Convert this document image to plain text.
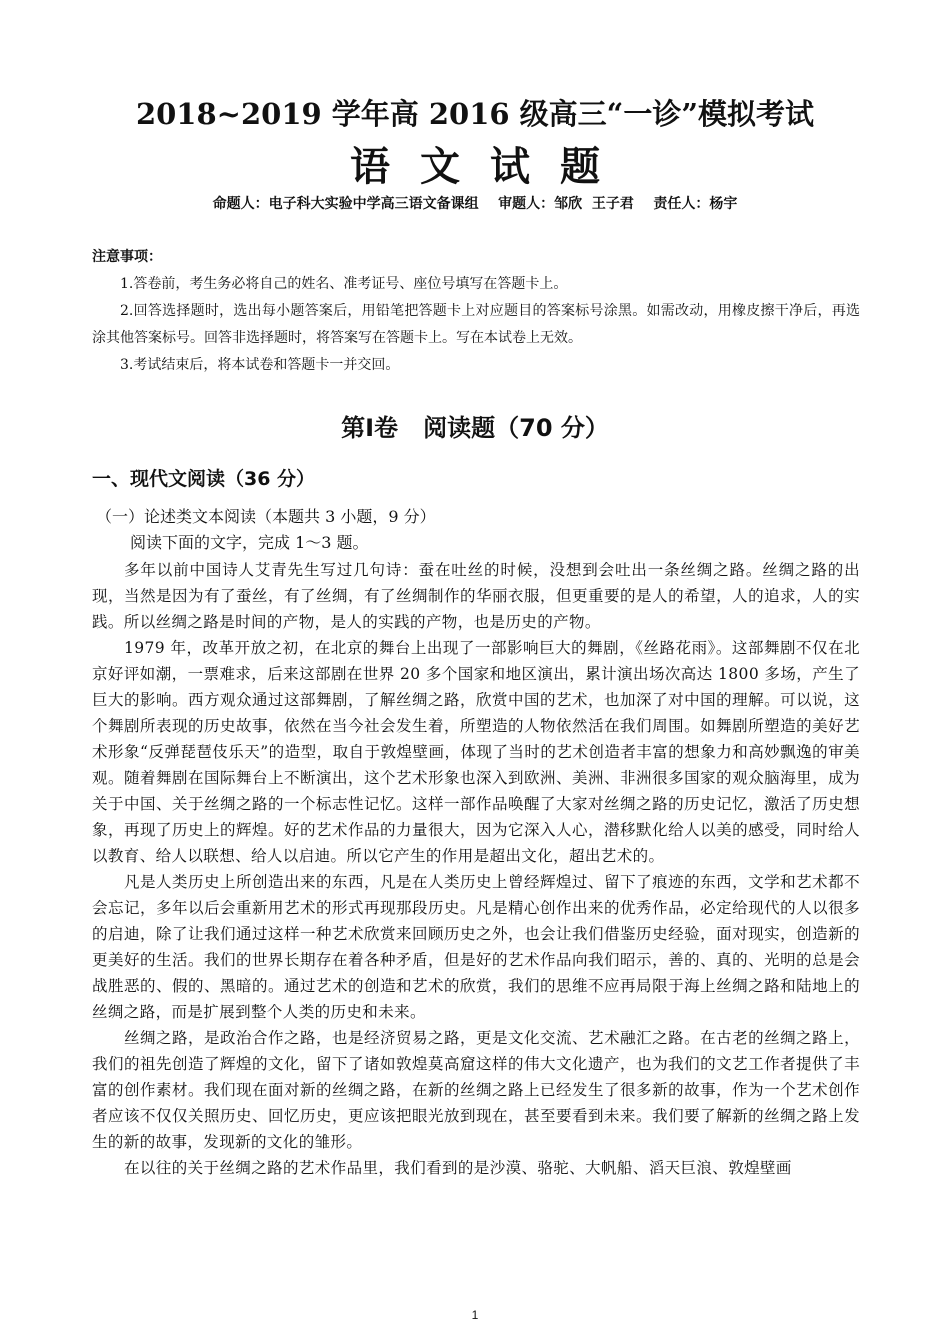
2018~2019 学年高 2016 级高三“一诊”模拟考试
语文试题
命题人：电子科大实验中学高三语文备课组    审题人：邹欣  王子君    责任人：杨宇

注意事项：

1.答卷前，考生务必将自己的姓名、准考证号、座位号填写在答题卡上。

2.回答选择题时，选出每小题答案后，用铅笔把答题卡上对应题目的答案标号涂黑。如需改动，用橡皮擦干净后，再选涂其他答案标号。回答非选择题时，将答案写在答题卡上。写在本试卷上无效。

3.考试结束后，将本试卷和答题卡一并交回。

第Ⅰ卷   阅读题（70 分）
一、现代文阅读（36 分）
（一）论述类文本阅读（本题共 3 小题，9 分）
阅读下面的文字，完成 1～3 题。

多年以前中国诗人艾青先生写过几句诗：蚕在吐丝的时候，没想到会吐出一条丝绸之路。丝绸之路的出现，当然是因为有了蚕丝，有了丝绸，有了丝绸制作的华丽衣服，但更重要的是人的希望，人的追求，人的实践。所以丝绸之路是时间的产物，是人的实践的产物，也是历史的产物。

1979 年，改革开放之初，在北京的舞台上出现了一部影响巨大的舞剧，《丝路花雨》。这部舞剧不仅在北京好评如潮，一票难求，后来这部剧在世界 20 多个国家和地区演出，累计演出场次高达 1800 多场，产生了巨大的影响。西方观众通过这部舞剧，了解丝绸之路，欣赏中国的艺术，也加深了对中国的理解。可以说，这个舞剧所表现的历史故事，依然在当今社会发生着，所塑造的人物依然活在我们周围。如舞剧所塑造的美好艺术形象“反弹琵琶伎乐天”的造型，取自于敦煌壁画，体现了当时的艺术创造者丰富的想象力和高妙飘逸的审美观。随着舞剧在国际舞台上不断演出，这个艺术形象也深入到欧洲、美洲、非洲很多国家的观众脑海里，成为关于中国、关于丝绸之路的一个标志性记忆。这样一部作品唤醒了大家对丝绸之路的历史记忆，激活了历史想象，再现了历史上的辉煌。好的艺术作品的力量很大，因为它深入人心，潜移默化给人以美的感受，同时给人以教育、给人以联想、给人以启迪。所以它产生的作用是超出文化，超出艺术的。

凡是人类历史上所创造出来的东西，凡是在人类历史上曾经辉煌过、留下了痕迹的东西，文学和艺术都不会忘记，多年以后会重新用艺术的形式再现那段历史。凡是精心创作出来的优秀作品，必定给现代的人以很多的启迪，除了让我们通过这样一种艺术欣赏来回顾历史之外，也会让我们借鉴历史经验，面对现实，创造新的更美好的生活。我们的世界长期存在着各种矛盾，但是好的艺术作品向我们昭示，善的、真的、光明的总是会战胜恶的、假的、黑暗的。通过艺术的创造和艺术的欣赏，我们的思维不应再局限于海上丝绸之路和陆地上的丝绸之路，而是扩展到整个人类的历史和未来。

丝绸之路，是政治合作之路，也是经济贸易之路，更是文化交流、艺术融汇之路。在古老的丝绸之路上，我们的祖先创造了辉煌的文化，留下了诸如敦煌莫高窟这样的伟大文化遗产，也为我们的文艺工作者提供了丰富的创作素材。我们现在面对新的丝绸之路，在新的丝绸之路上已经发生了很多新的故事，作为一个艺术创作者应该不仅仅关照历史、回忆历史，更应该把眼光放到现在，甚至要看到未来。我们要了解新的丝绸之路上发生的新的故事，发现新的文化的雏形。

在以往的关于丝绸之路的艺术作品里，我们看到的是沙漠、骆驼、大帆船、滔天巨浪、敦煌壁画

1
